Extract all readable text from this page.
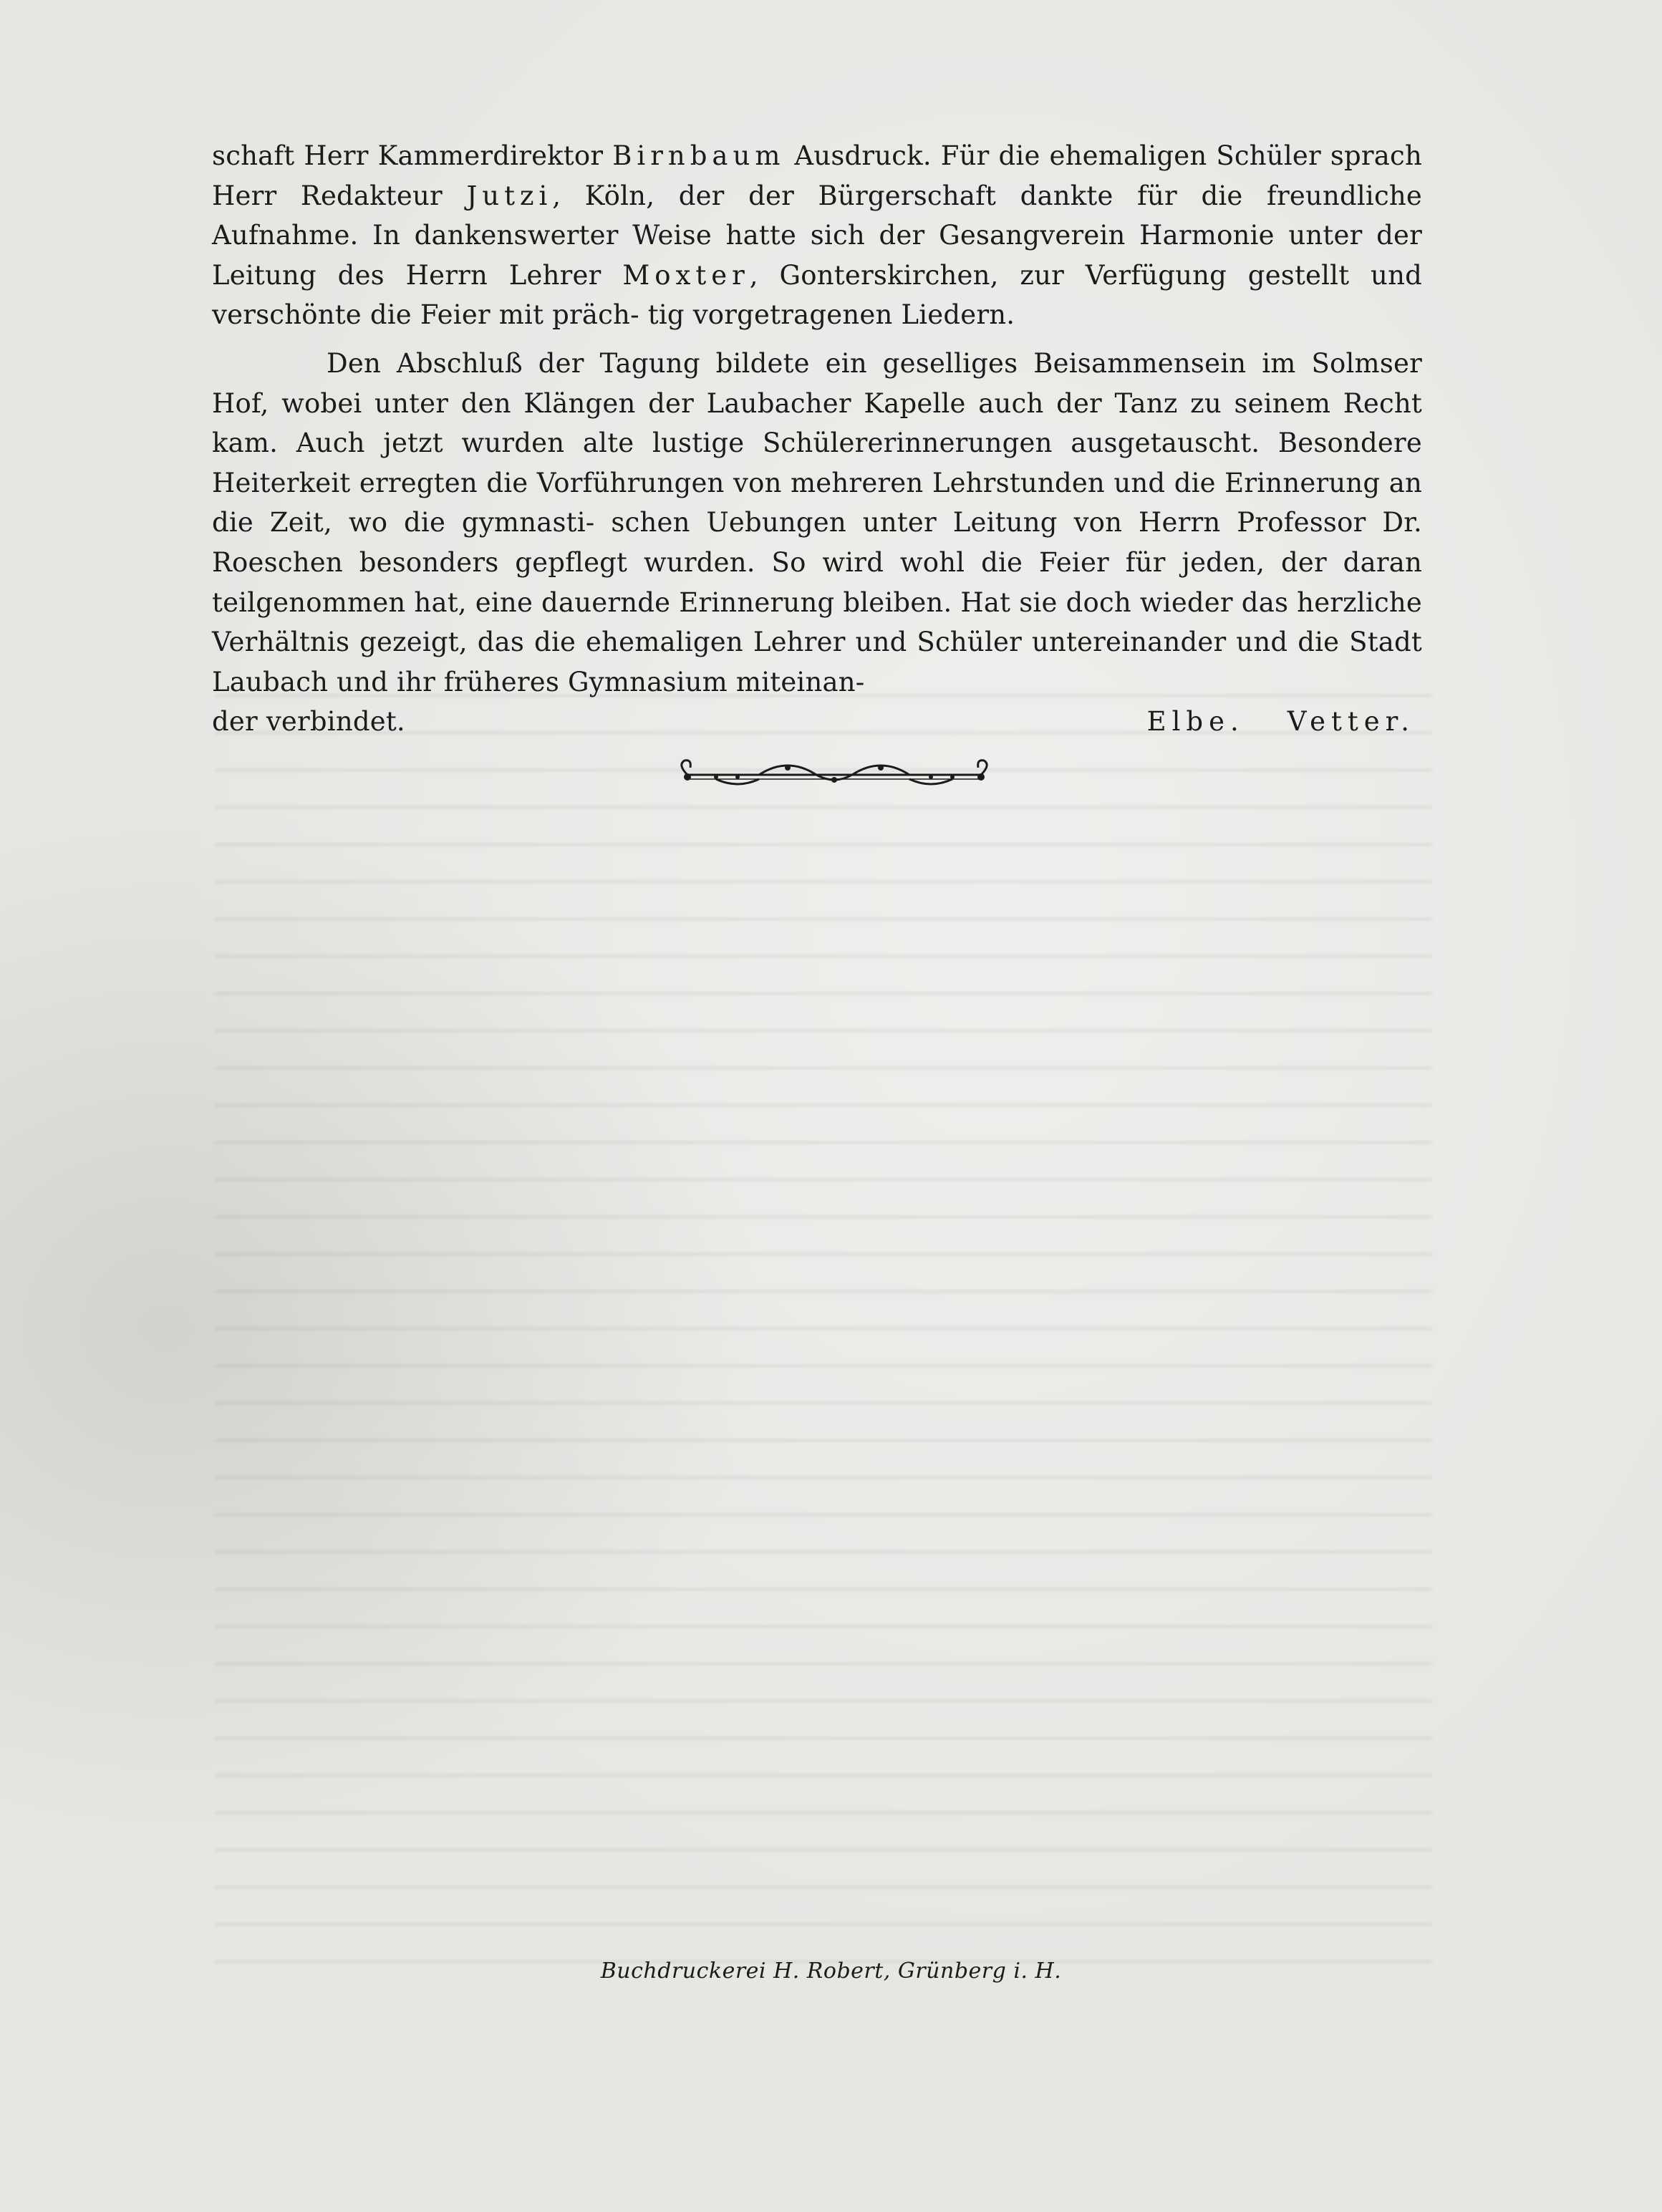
schaft Herr Kammerdirektor Birnbaum Ausdruck. Für die ehemaligen Schüler sprach Herr Redakteur Jutzi, Köln, der der Bürgerschaft dankte für die freundliche Aufnahme. In dankenswerter Weise hatte sich der Gesangverein Harmonie unter der Leitung des Herrn Lehrer Moxter, Gonterskirchen, zur Verfügung gestellt und verschönte die Feier mit präch- tig vorgetragenen Liedern.

Den Abschluß der Tagung bildete ein geselliges Beisammensein im Solmser Hof, wobei unter den Klängen der Laubacher Kapelle auch der Tanz zu seinem Recht kam. Auch jetzt wurden alte lustige Schülererinnerungen ausgetauscht. Besondere Heiterkeit erregten die Vorführungen von mehreren Lehrstunden und die Erinnerung an die Zeit, wo die gymnasti- schen Uebungen unter Leitung von Herrn Professor Dr. Roeschen besonders gepflegt wurden. So wird wohl die Feier für jeden, der daran teilgenommen hat, eine dauernde Erinnerung bleiben. Hat sie doch wieder das herzliche Verhältnis gezeigt, das die ehemaligen Lehrer und Schüler untereinander und die Stadt Laubach und ihr früheres Gymnasium miteinan-

der verbindet.	Elbe. Vetter.
Buchdruckerei H. Robert, Grünberg i. H.
